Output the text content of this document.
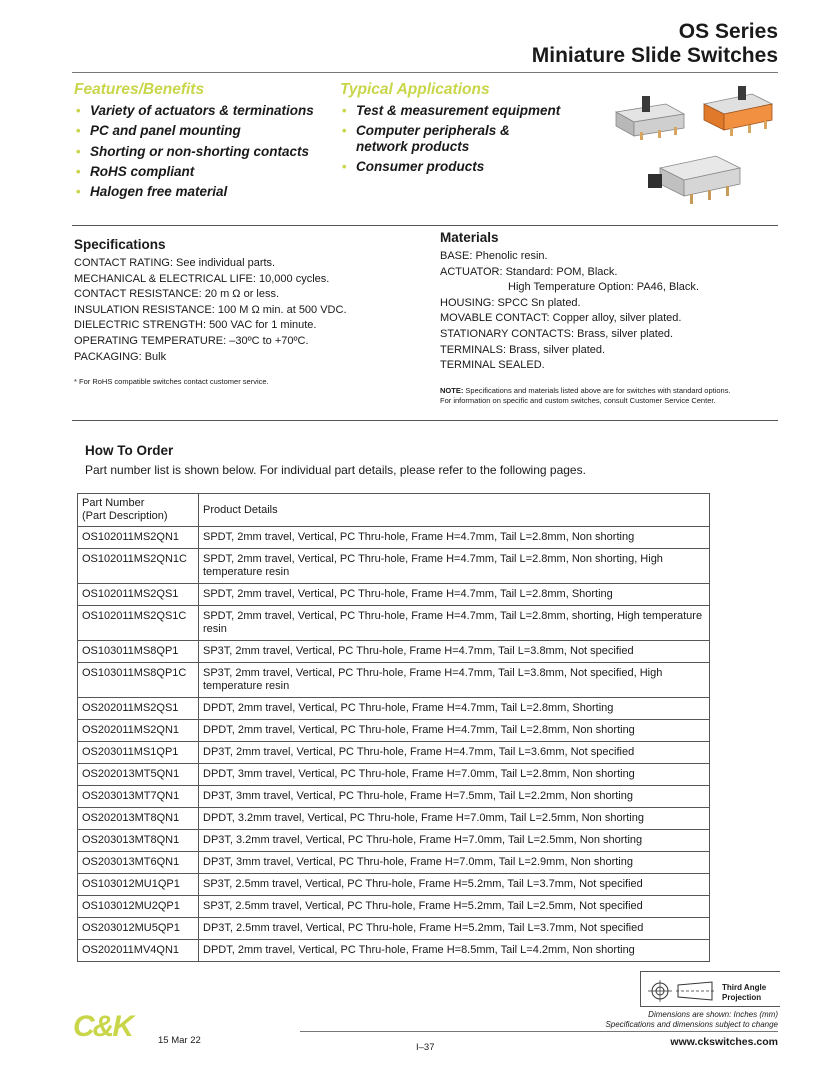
OS Series
Miniature Slide Switches
Features/Benefits
• Variety of actuators & terminations
• PC and panel mounting
• Shorting or non-shorting contacts
• RoHS compliant
• Halogen free material
Typical Applications
• Test & measurement equipment
• Computer peripherals &
network products
• Consumer products
Specifications
CONTACT RATING: See individual parts.
MECHANICAL & ELECTRICAL LIFE: 10,000 cycles.
CONTACT RESISTANCE: 20 m Ω or less.
INSULATION RESISTANCE: 100 M Ω min. at 500 VDC.
DIELECTRIC STRENGTH: 500 VAC for 1 minute.
OPERATING TEMPERATURE: –30ºC to +70ºC.
PACKAGING: Bulk
* For RoHS compatible switches contact customer service.
Materials
BASE: Phenolic resin.
ACTUATOR: Standard: POM, Black.
High Temperature Option: PA46, Black.
HOUSING: SPCC Sn plated.
MOVABLE CONTACT: Copper alloy, silver plated.
STATIONARY CONTACTS: Brass, silver plated.
TERMINALS: Brass, silver plated.
TERMINAL SEALED.
NOTE: Specifications and materials listed above are for switches with standard options.
For information on specific and custom switches, consult Customer Service Center.
How To Order
Part number list is shown below. For individual part details, please refer to the following pages.
Part Number
(Part Description)	Product Details
OS102011MS2QN1	SPDT, 2mm travel, Vertical, PC Thru-hole, Frame H=4.7mm, Tail L=2.8mm, Non shorting
OS102011MS2QN1C	SPDT, 2mm travel, Vertical, PC Thru-hole, Frame H=4.7mm, Tail L=2.8mm, Non shorting, High temperature resin
OS102011MS2QS1	SPDT, 2mm travel, Vertical, PC Thru-hole, Frame H=4.7mm, Tail L=2.8mm, Shorting
OS102011MS2QS1C	SPDT, 2mm travel, Vertical, PC Thru-hole, Frame H=4.7mm, Tail L=2.8mm, shorting, High temperature resin
OS103011MS8QP1	SP3T, 2mm travel, Vertical, PC Thru-hole, Frame H=4.7mm, Tail L=3.8mm, Not specified
OS103011MS8QP1C	SP3T, 2mm travel, Vertical, PC Thru-hole, Frame H=4.7mm, Tail L=3.8mm, Not specified, High temperature resin
OS202011MS2QS1	DPDT, 2mm travel, Vertical, PC Thru-hole, Frame H=4.7mm, Tail L=2.8mm, Shorting
OS202011MS2QN1	DPDT, 2mm travel, Vertical, PC Thru-hole, Frame H=4.7mm, Tail L=2.8mm, Non shorting
OS203011MS1QP1	DP3T, 2mm travel, Vertical, PC Thru-hole, Frame H=4.7mm, Tail L=3.6mm, Not specified
OS202013MT5QN1	DPDT, 3mm travel, Vertical, PC Thru-hole, Frame H=7.0mm, Tail L=2.8mm, Non shorting
OS203013MT7QN1	DP3T, 3mm travel, Vertical, PC Thru-hole, Frame H=7.5mm, Tail L=2.2mm, Non shorting
OS202013MT8QN1	DPDT, 3.2mm travel, Vertical, PC Thru-hole, Frame H=7.0mm, Tail L=2.5mm, Non shorting
OS203013MT8QN1	DP3T, 3.2mm travel, Vertical, PC Thru-hole, Frame H=7.0mm, Tail L=2.5mm, Non shorting
OS203013MT6QN1	DP3T, 3mm travel, Vertical, PC Thru-hole, Frame H=7.0mm, Tail L=2.9mm, Non shorting
OS103012MU1QP1	SP3T, 2.5mm travel, Vertical, PC Thru-hole, Frame H=5.2mm, Tail L=3.7mm, Not specified
OS103012MU2QP1	SP3T, 2.5mm travel, Vertical, PC Thru-hole, Frame H=5.2mm, Tail L=2.5mm, Not specified
OS203012MU5QP1	DP3T, 2.5mm travel, Vertical, PC Thru-hole, Frame H=5.2mm, Tail L=3.7mm, Not specified
OS202011MV4QN1	DPDT, 2mm travel, Vertical, PC Thru-hole, Frame H=8.5mm, Tail L=4.2mm, Non shorting
Third Angle
Projection
Dimensions are shown: Inches (mm)
Specifications and dimensions subject to change
C&K	15 Mar 22
I–37	www.ckswitches.com
